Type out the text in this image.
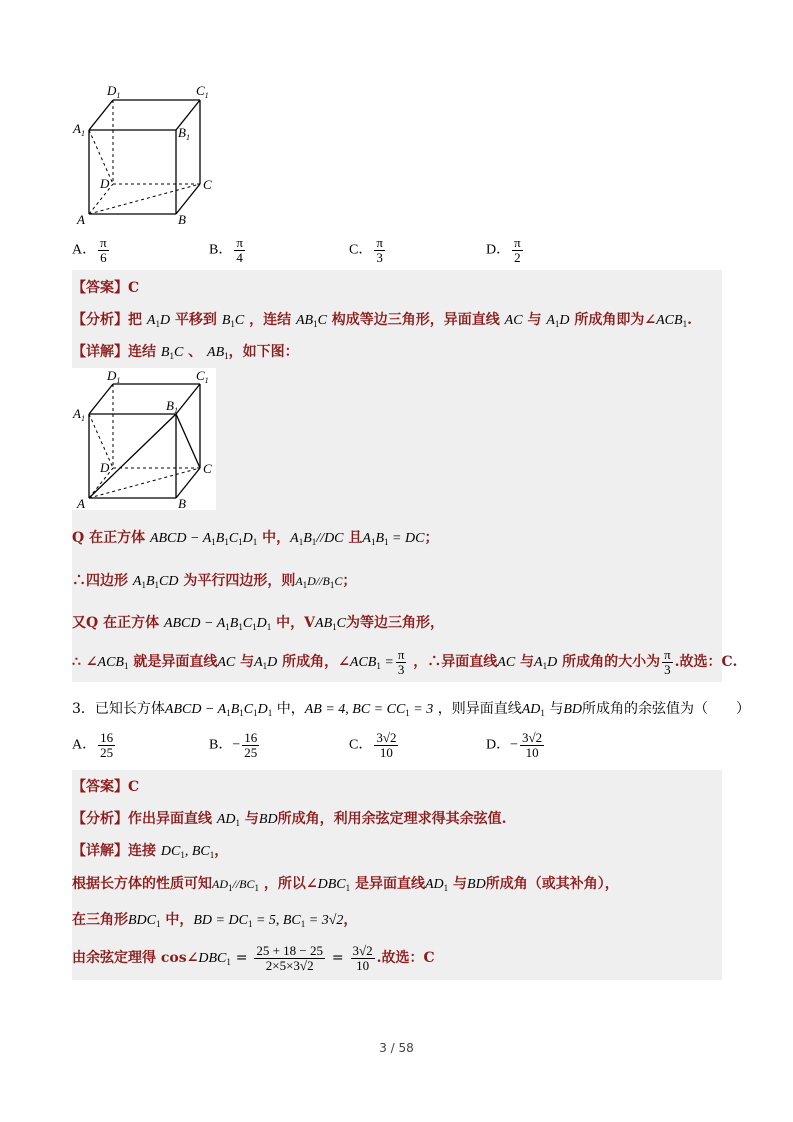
$D_1$	$C_1$
$A_1$	$B_1$
D	C
A	B
A． $\frac{\pi}{6}$	B． $\frac{\pi}{4}$	C． $\frac{\pi}{3}$	D． $\frac{\pi}{2}$
【答案】C
【分析】把 $A_1D$ 平移到 $B_1C$ ，连结 $AB_1C$ 构成等边三角形，异面直线 AC 与 $A_1D$ 所成角即为$\angle ACB_1$.
【详解】连结 $B_1C$ 、 $AB_1$，如下图：
$D_1$	$C_1$
$A_1$
$B_1$
D	C
A	B
Q 在正方体 ABCD − $A_1B_1C_1D_1$ 中，$A_1B_1//DC$ 且$A_1B_1$ = DC；
∴四边形 $A_1B_1CD$ 为平行四边形，则$A_1D//B_1C$；
又Q 在正方体 ABCD − $A_1B_1C_1D_1$ 中，$VAB_1C$为等边三角形，
∴ $\angle ACB_1$ 就是异面直线AC 与$A_1D$ 所成角，$\angle ACB_1 = \frac{\pi}{3}$ ，∴异面直线AC 与$A_1D$ 所成角的大小为 $\frac{\pi}{3}$ .故选：C.
3．已知长方体ABCD − $A_1B_1C_1D_1$ 中，AB = 4, BC = $CC_1 = 3$ ，则异面直线$AD_1$ 与BD所成角的余弦值为（　　）
A． $\frac{16}{25}$	B．− $\frac{16}{25}$	C． $\frac{3√2}{10}$	D．− $\frac{3√2}{10}$
【答案】C
【分析】作出异面直线 $AD_1$ 与BD所成角，利用余弦定理求得其余弦值.
【详解】连接 $DC_1$, $BC_1$，
根据长方体的性质可知$AD_1//BC_1$ ，所以$\angle DBC_1$ 是异面直线$AD_1$ 与BD所成角（或其补角），
在三角形$BDC_1$ 中，BD = $DC_1 = 5$, $BC_1 = 3√2$，
由余弦定理得 $\cos\angle DBC_1 = \frac{25 + 18 - 25}{2\times 5\times 3√2} = \frac{3√2}{10}$ .故选：C
3 / 58
